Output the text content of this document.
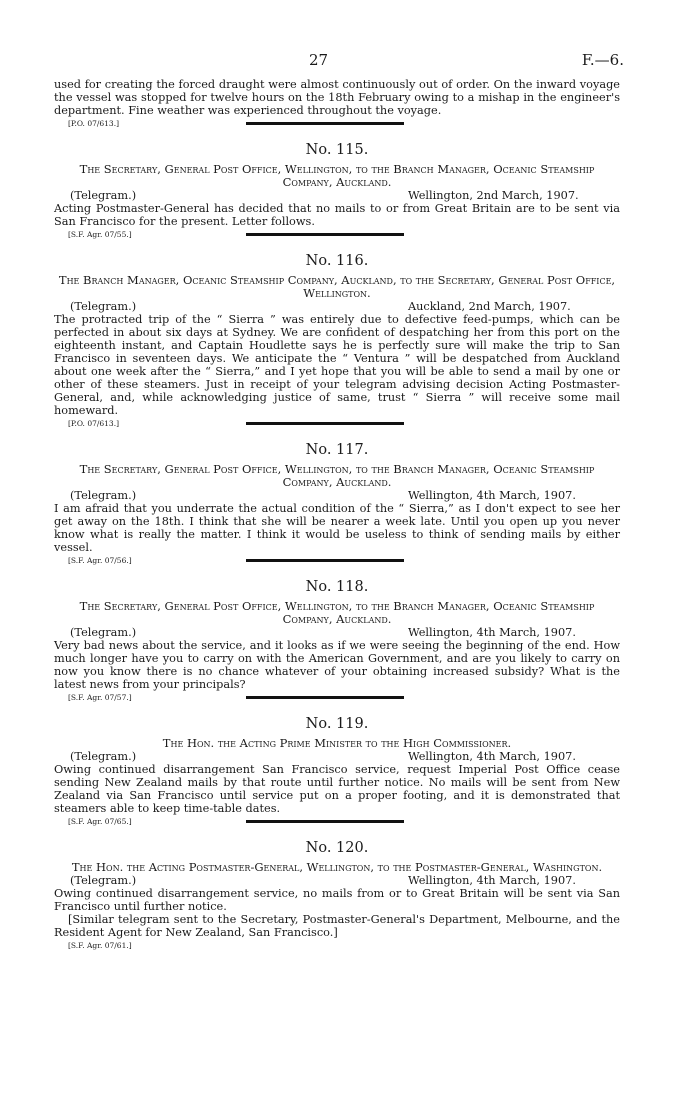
27	F.—6.

used for creating the forced draught were almost continuously out of order. On the inward voyage the vessel was stopped for twelve hours on the 18th February owing to a mishap in the engineer's department. Fine weather was experienced throughout the voyage.

[P.O. 07/613.]
No. 115.
The Secretary, General Post Office, Wellington, to the Branch Manager, Oceanic Steamship Company, Auckland.
(Telegram.)	Wellington, 2nd March, 1907.

Acting Postmaster-General has decided that no mails to or from Great Britain are to be sent via San Francisco for the present. Letter follows.

[S.F. Agr. 07/55.]
No. 116.
The Branch Manager, Oceanic Steamship Company, Auckland, to the Secretary, General Post Office, Wellington.
(Telegram.)	Auckland, 2nd March, 1907.

The protracted trip of the “ Sierra ” was entirely due to defective feed-pumps, which can be perfected in about six days at Sydney. We are confident of despatching her from this port on the eighteenth instant, and Captain Houdlette says he is perfectly sure will make the trip to San Francisco in seventeen days. We anticipate the “ Ventura ” will be despatched from Auckland about one week after the “ Sierra,” and I yet hope that you will be able to send a mail by one or other of these steamers. Just in receipt of your telegram advising decision Acting Postmaster-General, and, while acknowledging justice of same, trust “ Sierra ” will receive some mail homeward.

[P.O. 07/613.]
No. 117.
The Secretary, General Post Office, Wellington, to the Branch Manager, Oceanic Steamship Company, Auckland.
(Telegram.)	Wellington, 4th March, 1907.

I am afraid that you underrate the actual condition of the “ Sierra,” as I don't expect to see her get away on the 18th. I think that she will be nearer a week late. Until you open up you never know what is really the matter. I think it would be useless to think of sending mails by either vessel.

[S.F. Agr. 07/56.]
No. 118.
The Secretary, General Post Office, Wellington, to the Branch Manager, Oceanic Steamship Company, Auckland.
(Telegram.)	Wellington, 4th March, 1907.

Very bad news about the service, and it looks as if we were seeing the beginning of the end. How much longer have you to carry on with the American Government, and are you likely to carry on now you know there is no chance whatever of your obtaining increased subsidy? What is the latest news from your principals?

[S.F. Agr. 07/57.]
No. 119.
The Hon. the Acting Prime Minister to the High Commissioner.
(Telegram.)	Wellington, 4th March, 1907.

Owing continued disarrangement San Francisco service, request Imperial Post Office cease sending New Zealand mails by that route until further notice. No mails will be sent from New Zealand via San Francisco until service put on a proper footing, and it is demonstrated that steamers able to keep time-table dates.

[S.F. Agr. 07/65.]
No. 120.
The Hon. the Acting Postmaster-General, Wellington, to the Postmaster-General, Washington.
(Telegram.)	Wellington, 4th March, 1907.

Owing continued disarrangement service, no mails from or to Great Britain will be sent via San Francisco until further notice.

[Similar telegram sent to the Secretary, Postmaster-General's Department, Melbourne, and the Resident Agent for New Zealand, San Francisco.]

[S.F. Agr. 07/61.]
